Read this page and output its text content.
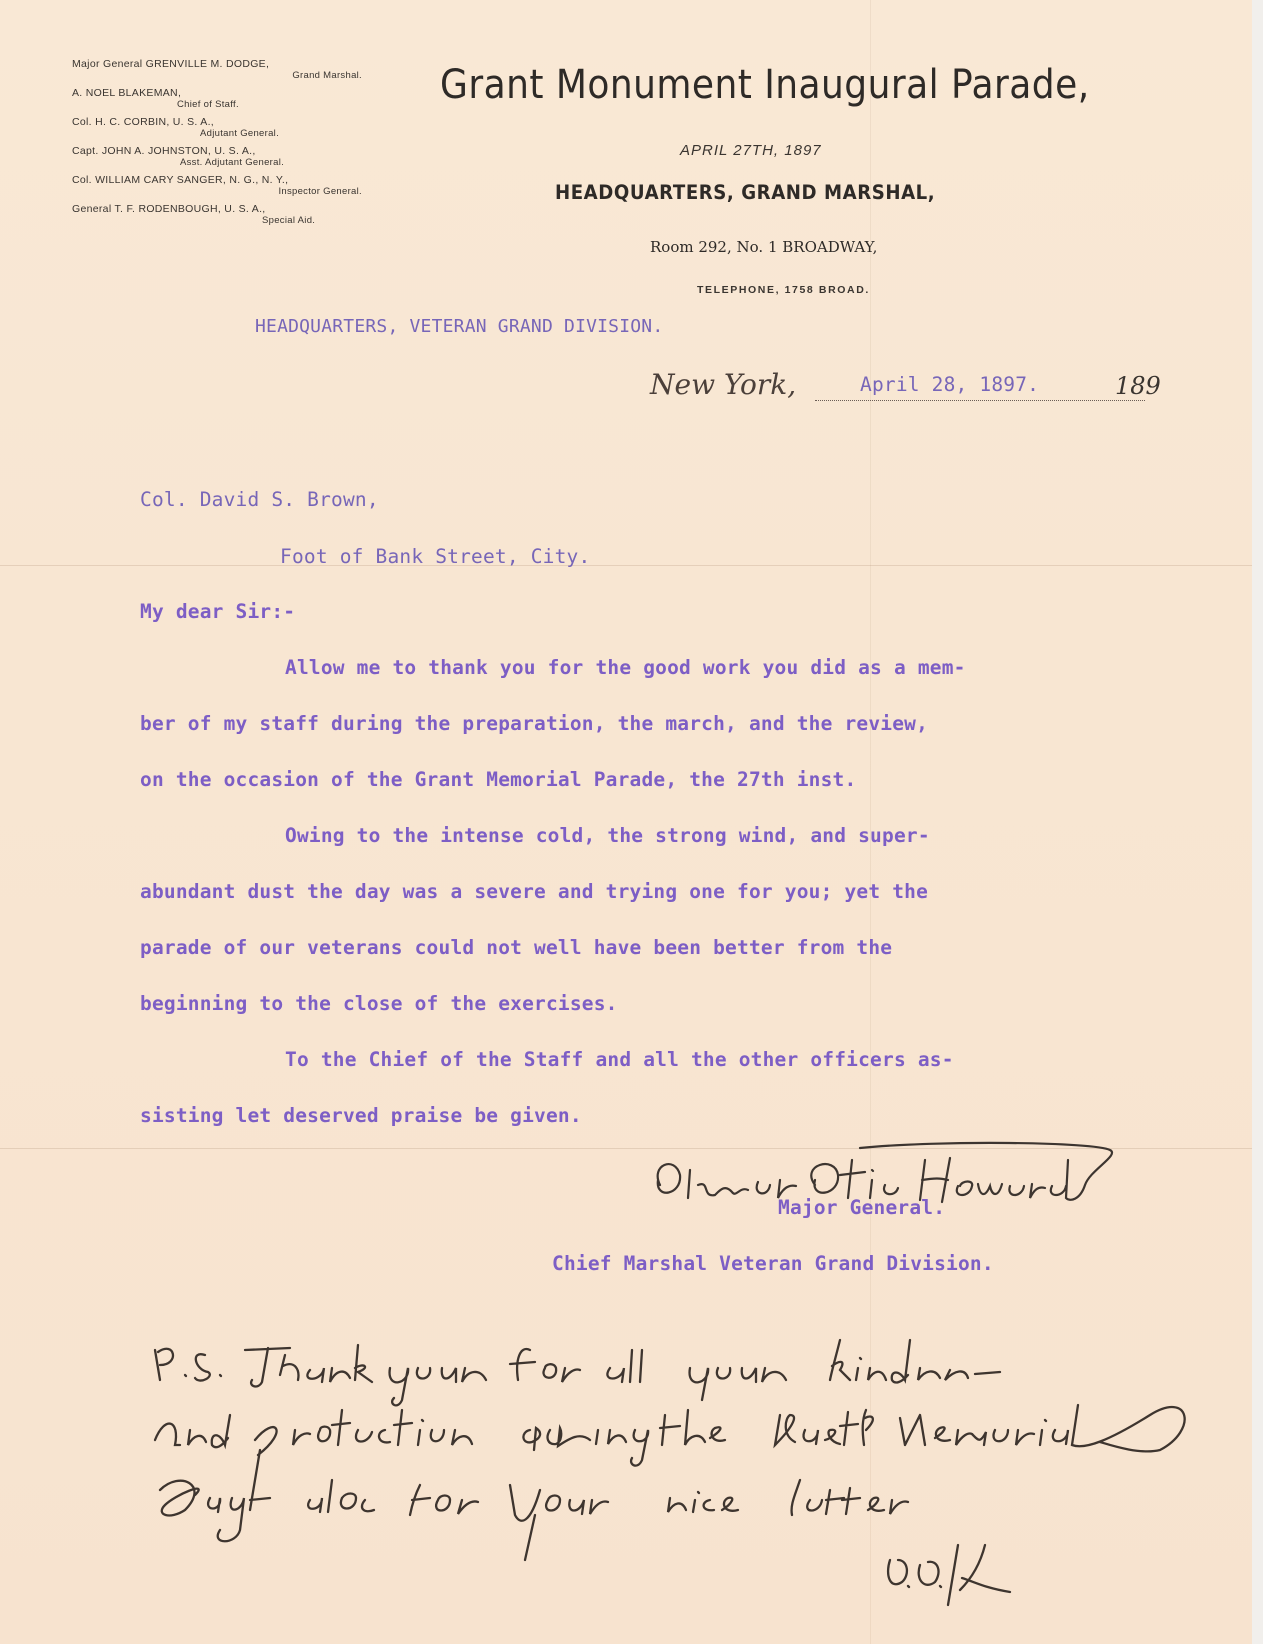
Major General GRENVILLE M. DODGE,
Grand Marshal.
A. NOEL BLAKEMAN,
Chief of Staff.
Col. H. C. CORBIN, U. S. A.,
Adjutant General.
Capt. JOHN A. JOHNSTON, U. S. A.,
Asst. Adjutant General.
Col. WILLIAM CARY SANGER, N. G., N. Y.,
Inspector General.
General T. F. RODENBOUGH, U. S. A.,
Special Aid.
Grant Monument Inaugural Parade,
APRIL 27TH, 1897
HEADQUARTERS, GRAND MARSHAL,
Room 292, No. 1 BROADWAY,
TELEPHONE, 1758 BROAD.
HEADQUARTERS, VETERAN GRAND DIVISION.
New York,	April 28, 1897.	189
Col. David S. Brown,
Foot of Bank Street, City.
My dear Sir:-
Allow me to thank you for the good work you did as a mem-
ber of my staff during the preparation, the march, and the review,
on the occasion of the Grant Memorial Parade, the 27th inst.
Owing to the intense cold, the strong wind, and super-
abundant dust the day was a severe and trying one for you; yet the
parade of our veterans could not well have been better from the
beginning to the close of the exercises.
To the Chief of the Staff and all the other officers as-
sisting let deserved praise be given.
Major General.
Chief Marshal Veteran Grand Division.
